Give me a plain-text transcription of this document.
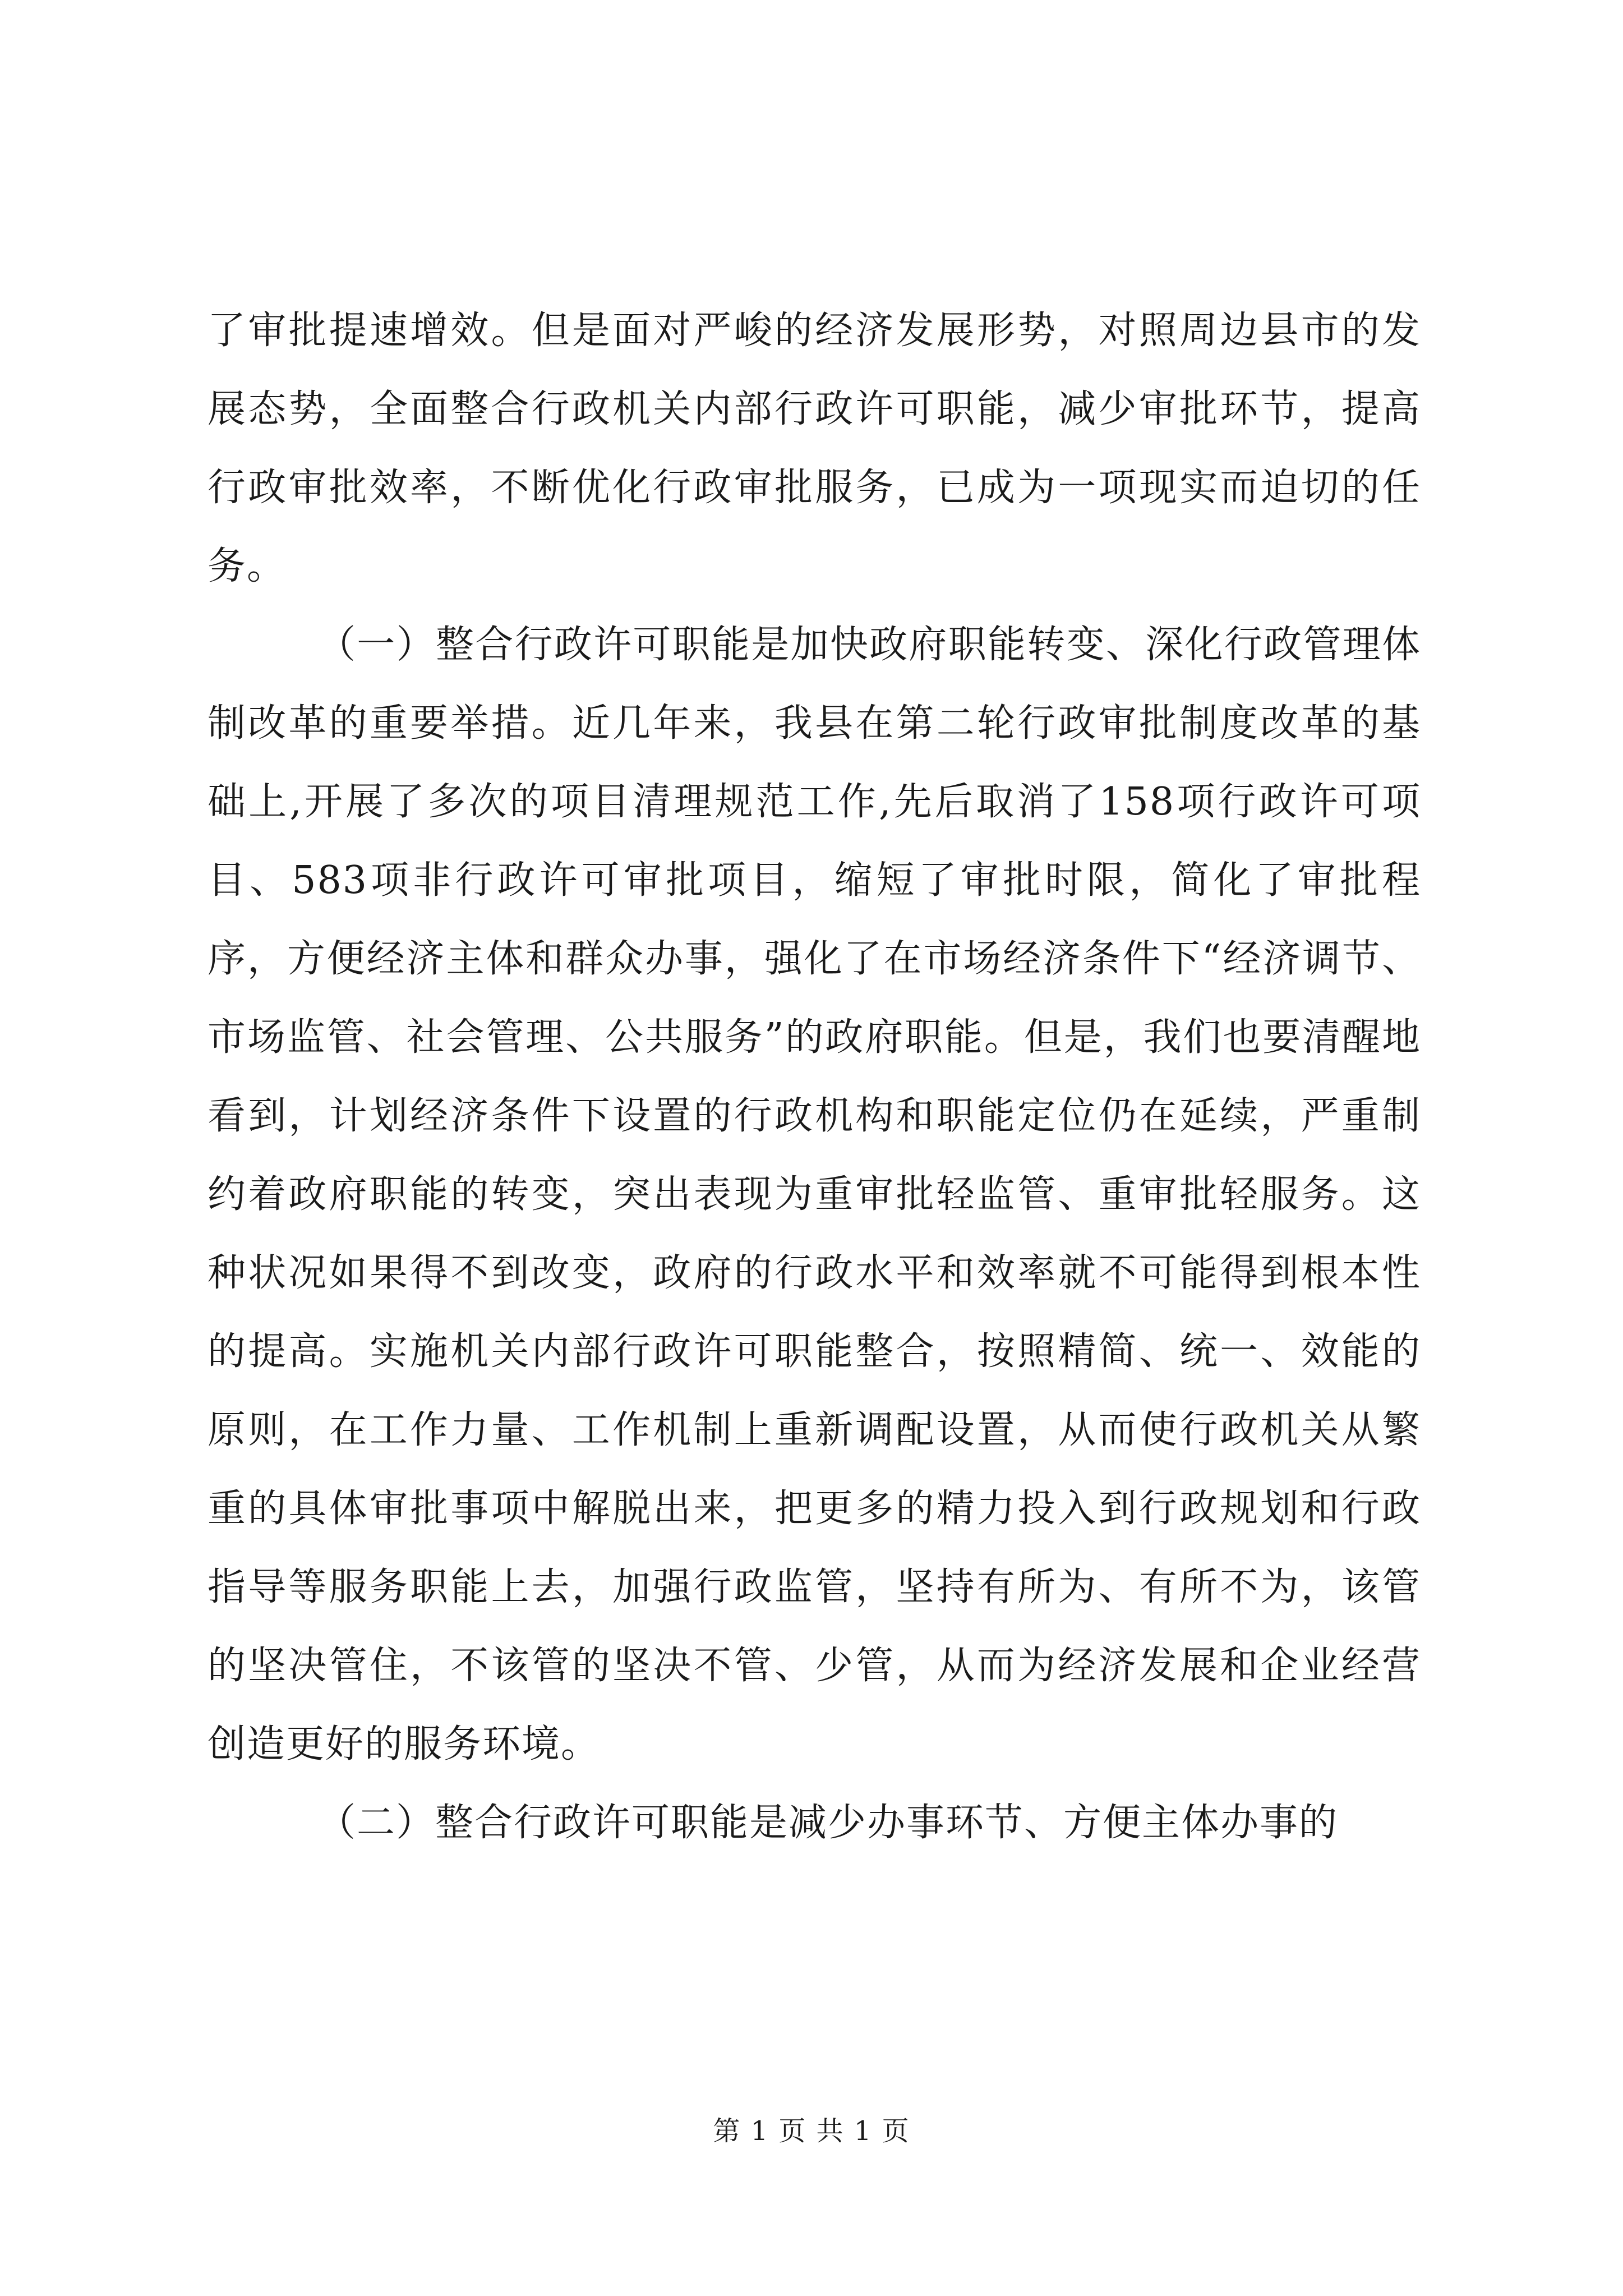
了审批提速增效。但是面对严峻的经济发展形势，对照周边县市的发展态势，全面整合行政机关内部行政许可职能，减少审批环节，提高行政审批效率，不断优化行政审批服务，已成为一项现实而迫切的任务。

（一）整合行政许可职能是加快政府职能转变、深化行政管理体制改革的重要举措。近几年来，我县在第二轮行政审批制度改革的基础上,开展了多次的项目清理规范工作,先后取消了158项行政许可项目、583项非行政许可审批项目，缩短了审批时限，简化了审批程序，方便经济主体和群众办事，强化了在市场经济条件下“经济调节、市场监管、社会管理、公共服务”的政府职能。但是，我们也要清醒地看到，计划经济条件下设置的行政机构和职能定位仍在延续，严重制约着政府职能的转变，突出表现为重审批轻监管、重审批轻服务。这种状况如果得不到改变，政府的行政水平和效率就不可能得到根本性的提高。实施机关内部行政许可职能整合，按照精简、统一、效能的原则，在工作力量、工作机制上重新调配设置，从而使行政机关从繁重的具体审批事项中解脱出来，把更多的精力投入到行政规划和行政指导等服务职能上去，加强行政监管，坚持有所为、有所不为，该管的坚决管住，不该管的坚决不管、少管，从而为经济发展和企业经营创造更好的服务环境。

（二）整合行政许可职能是减少办事环节、方便主体办事的

第 1 页 共 1 页
